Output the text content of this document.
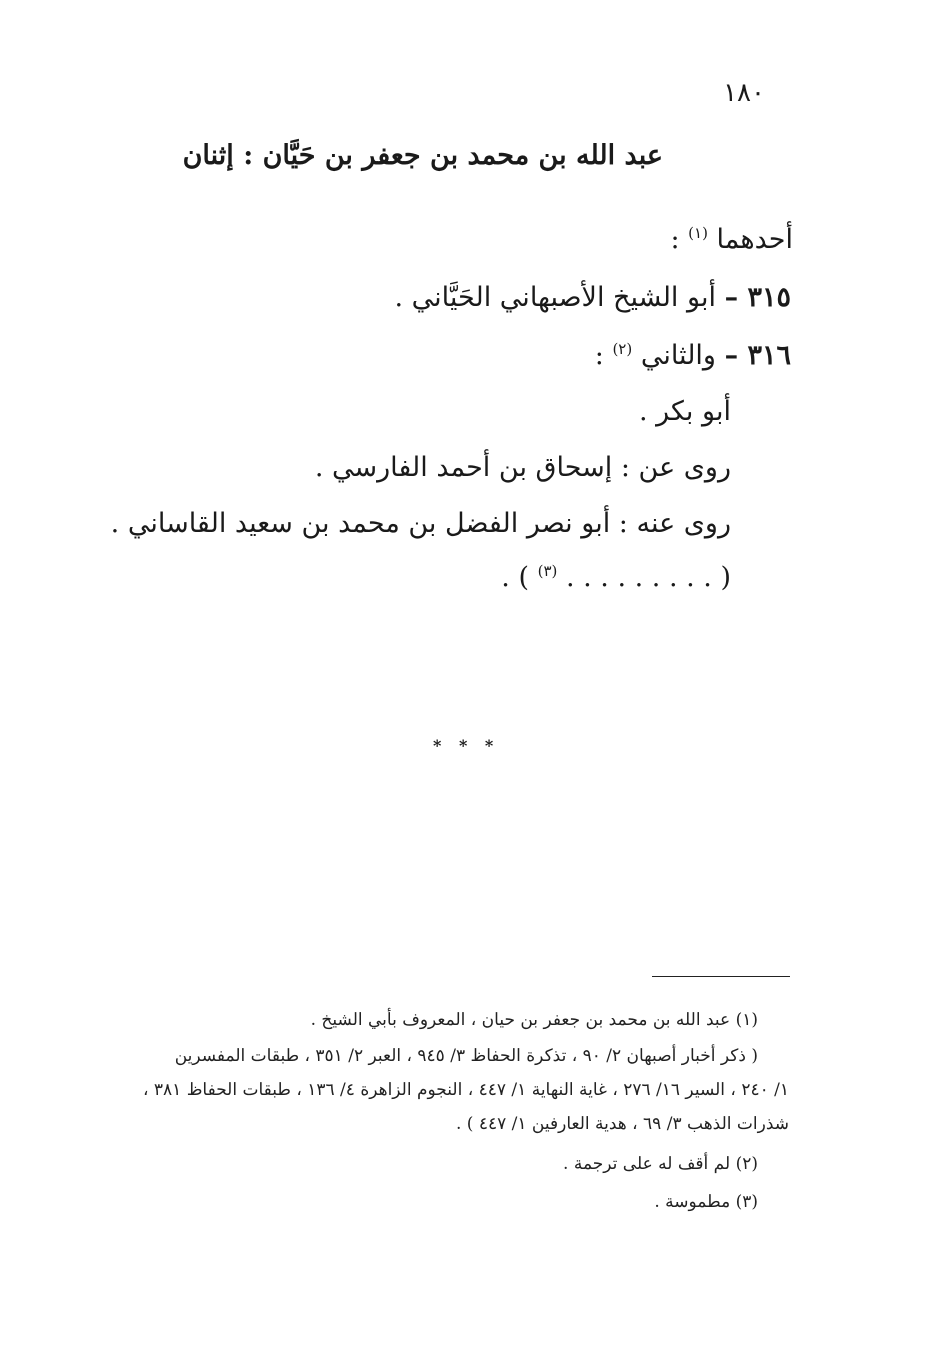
١٨٠
عبد الله بن محمد بن جعفر بن حَيَّان : إثنان
أحدهما $^{(١)}$ :
٣١٥ – أبو الشيخ الأصبهاني الحَيَّاني .
٣١٦ – والثاني $^{(٢)}$ :
أبو بكر .
روى عن : إسحاق بن أحمد الفارسي .
روى عنه : أبو نصر الفضل بن محمد بن سعيد القاساني .
( . . . . . . . . . $^{(٣)}$ ) .
* * *
(١) عبد الله بن محمد بن جعفر بن حيان ، المعروف بأبي الشيخ .
( ذكر أخبار أصبهان ٢/ ٩٠ ، تذكرة الحفاظ ٣/ ٩٤٥ ، العبر ٢/ ٣٥١ ، طبقات المفسرين
١/ ٢٤٠ ، السير ١٦/ ٢٧٦ ، غاية النهاية ١/ ٤٤٧ ، النجوم الزاهرة ٤/ ١٣٦ ، طبقات الحفاظ ٣٨١ ،
شذرات الذهب ٣/ ٦٩ ، هدية العارفين ١/ ٤٤٧ ) .
(٢) لم أقف له على ترجمة .
(٣) مطموسة .
